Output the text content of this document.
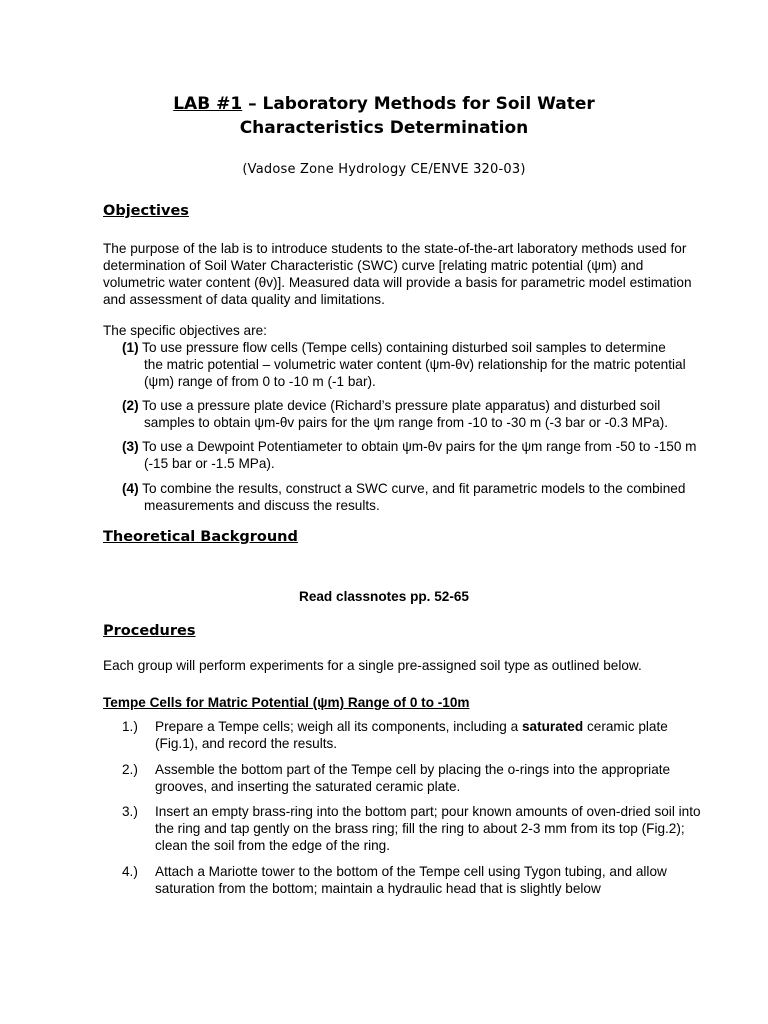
LAB #1 – Laboratory Methods for Soil Water
Characteristics Determination
(Vadose Zone Hydrology CE/ENVE 320-03)
Objectives

The purpose of the lab is to introduce students to the state-of-the-art laboratory methods used for determination of Soil Water Characteristic (SWC) curve [relating matric potential (ψm) and volumetric water content (θv)]. Measured data will provide a basis for parametric model estimation and assessment of data quality and limitations.

The specific objectives are:

(1) To use pressure flow cells (Tempe cells) containing disturbed soil samples to determine
the matric potential – volumetric water content (ψm-θv) relationship for the matric potential (ψm) range of from 0 to -10 m (-1 bar).
(2) To use a pressure plate device (Richard’s pressure plate apparatus) and disturbed soil
samples to obtain ψm-θv pairs for the ψm range from -10 to -30 m (-3 bar or -0.3 MPa).
(3) To use a Dewpoint Potentiameter to obtain ψm-θv pairs for the ψm range from -50 to -150 m
(-15 bar or -1.5 MPa).
(4) To combine the results, construct a SWC curve, and fit parametric models to the combined
measurements and discuss the results.
Theoretical Background
Read classnotes pp. 52-65
Procedures

Each group will perform experiments for a single pre-assigned soil type as outlined below.

Tempe Cells for Matric Potential (ψm) Range of 0 to -10m
1.)	Prepare a Tempe cells; weigh all its components, including a saturated ceramic plate (Fig.1), and record the results.
2.)	Assemble the bottom part of the Tempe cell by placing the o-rings into the appropriate grooves, and inserting the saturated ceramic plate.
3.)	Insert an empty brass-ring into the bottom part; pour known amounts of oven-dried soil into the ring and tap gently on the brass ring; fill the ring to about 2-3 mm from its top (Fig.2); clean the soil from the edge of the ring.
4.)	Attach a Mariotte tower to the bottom of the Tempe cell using Tygon tubing, and allow saturation from the bottom; maintain a hydraulic head that is slightly below
